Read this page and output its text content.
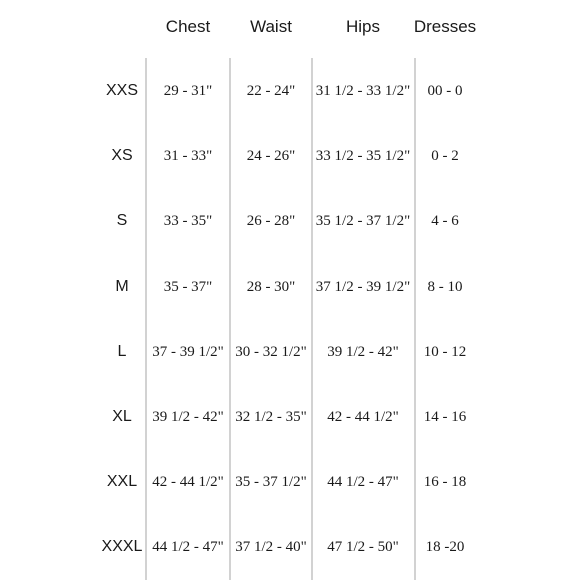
Chest Waist	Hips Dresses
XXS 29 - 31" 22 - 24" 31 1/2 - 33 1/2" 00 - 0
XS 31 - 33" 24 - 26" 33 1/2 - 35 1/2" 0 - 2
S 33 - 35" 26 - 28" 35 1/2 - 37 1/2" 4 - 6
M 35 - 37" 28 - 30" 37 1/2 - 39 1/2" 8 - 10
L 37 - 39 1/2" 30 - 32 1/2" 39 1/2 - 42" 10 - 12
XL 39 1/2 - 42" 32 1/2 - 35" 42 - 44 1/2" 14 - 16
XXL 42 - 44 1/2" 35 - 37 1/2" 44 1/2 - 47" 16 - 18
XXXL 44 1/2 - 47" 37 1/2 - 40" 47 1/2 - 50" 18 -20
